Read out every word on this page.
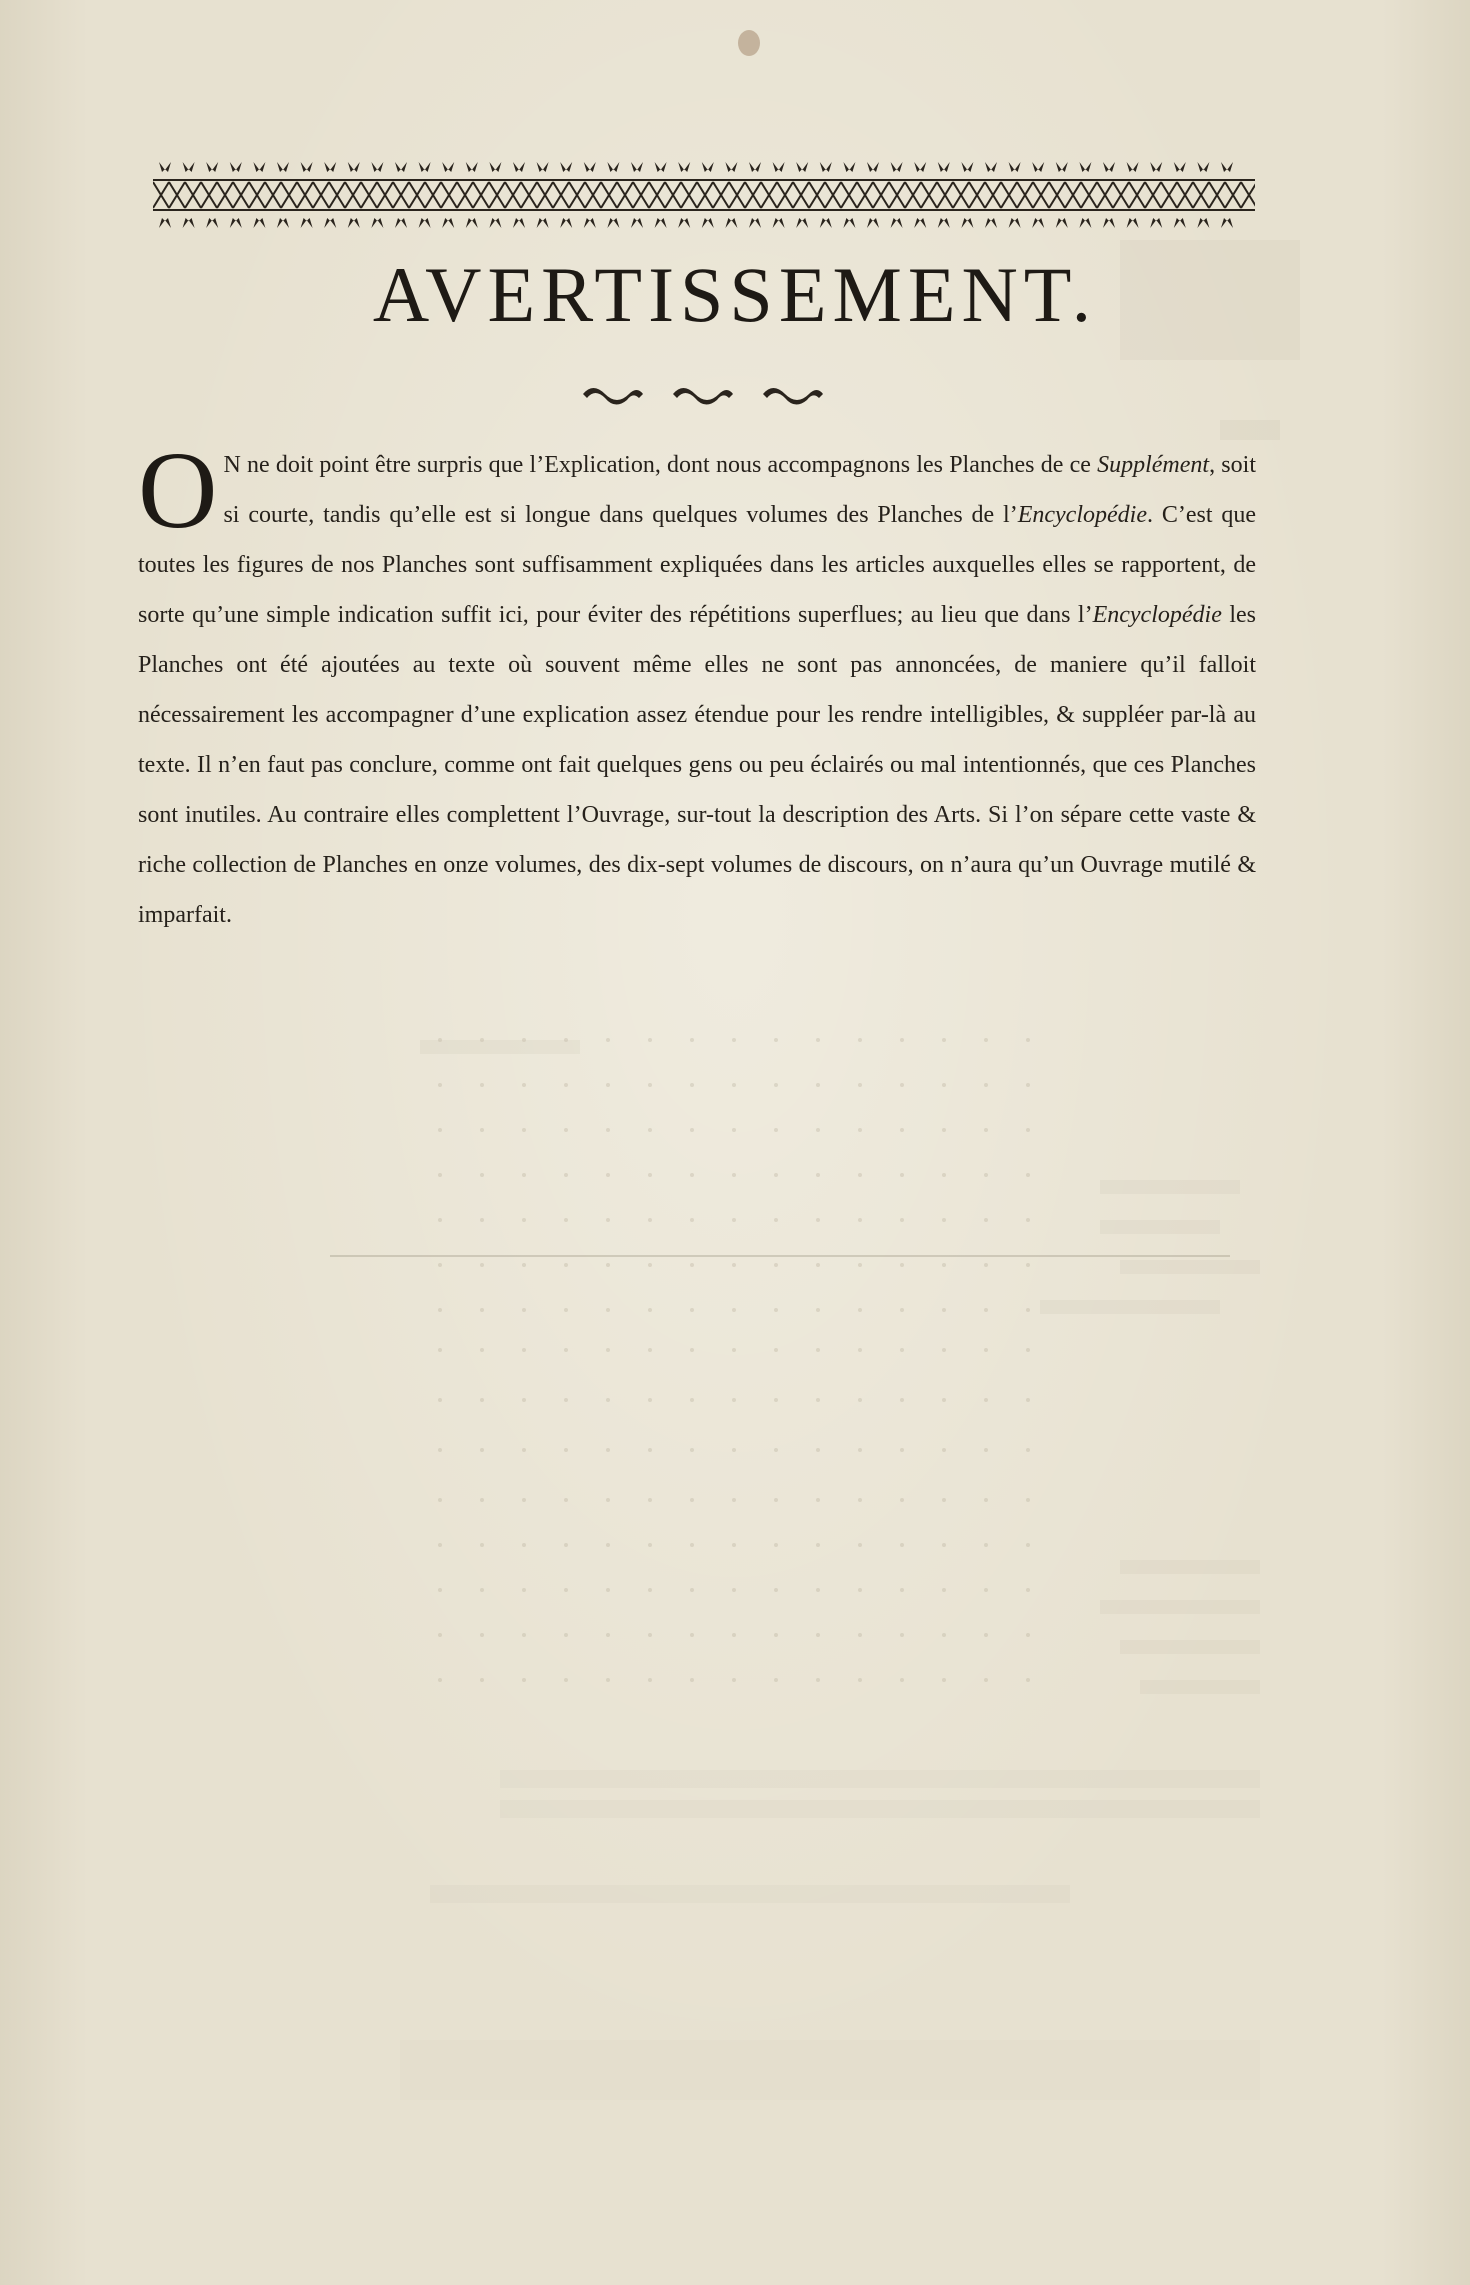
AVERTISSEMENT.
O N ne doit point être surpris que l’Explication, dont nous accompagnons les Planches de ce Supplément, soit si courte, tandis qu’elle est si longue dans quelques volumes des Planches de l’Encyclopédie. C’est que toutes les figures de nos Planches sont suffisamment expliquées dans les articles auxquelles elles se rapportent, de sorte qu’une simple indication suffit ici, pour éviter des répétitions superflues; au lieu que dans l’Encyclopédie les Planches ont été ajoutées au texte où souvent même elles ne sont pas annoncées, de maniere qu’il falloit nécessairement les accompagner d’une explication assez étendue pour les rendre intelligibles, & suppléer par-là au texte. Il n’en faut pas conclure, comme ont fait quelques gens ou peu éclairés ou mal intentionnés, que ces Planches sont inutiles. Au contraire elles complettent l’Ouvrage, sur-tout la description des Arts. Si l’on sépare cette vaste & riche collection de Planches en onze volumes, des dix-sept volumes de discours, on n’aura qu’un Ouvrage mutilé & imparfait.
